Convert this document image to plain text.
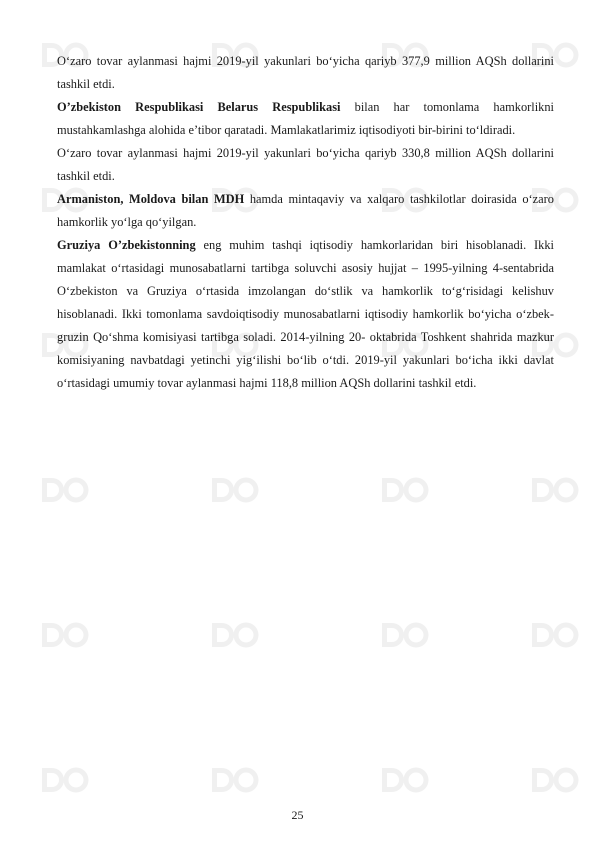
O‘zaro tovar aylanmasi hajmi 2019-yil yakunlari bo‘yicha qariyb 377,9 million AQSh dollarini tashkil etdi.

O’zbekiston Respublikasi Belarus Respublikasi bilan har tomonlama hamkorlikni mustahkamlashga alohida e’tibor qaratadi. Mamlakatlarimiz iqtisodiyoti bir-birini to‘ldiradi.

O‘zaro tovar aylanmasi hajmi 2019-yil yakunlari bo‘yicha qariyb 330,8 million AQSh dollarini tashkil etdi.

Armaniston, Moldova bilan MDH hamda mintaqaviy va xalqaro tashkilotlar doirasida o‘zaro hamkorlik yo‘lga qo‘yilgan.

Gruziya O’zbekistonning eng muhim tashqi iqtisodiy hamkorlaridan biri hisoblanadi. Ikki mamlakat o‘rtasidagi munosabatlarni tartibga soluvchi asosiy hujjat – 1995-yilning 4-sentabrida O‘zbekiston va Gruziya o‘rtasida imzolangan do‘stlik va hamkorlik to‘g‘risidagi kelishuv hisoblanadi. Ikki tomonlama savdoiqtisodiy munosabatlarni iqtisodiy hamkorlik bo‘yicha o‘zbek-gruzin Qo‘shma komisiyasi tartibga soladi. 2014-yilning 20- oktabrida Toshkent shahrida mazkur komisiyaning navbatdagi yetinchi yig‘ilishi bo‘lib o‘tdi. 2019-yil yakunlari bo‘icha ikki davlat o‘rtasidagi umumiy tovar aylanmasi hajmi 118,8 million AQSh dollarini tashkil etdi.

25
